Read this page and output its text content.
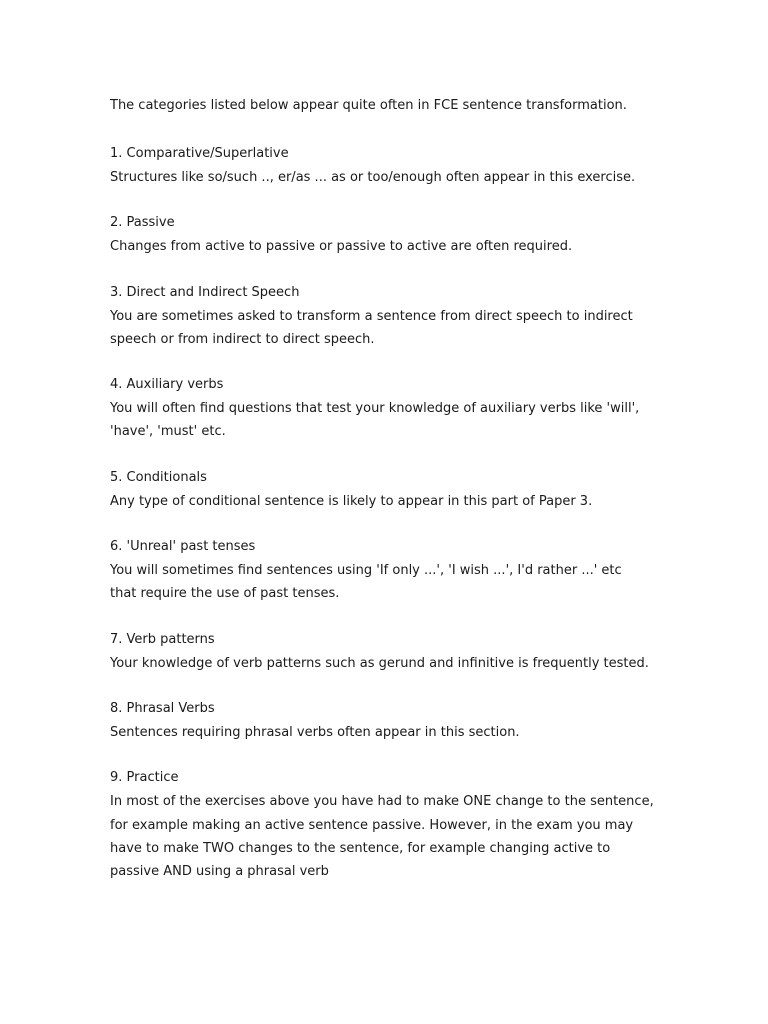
The categories listed below appear quite often in FCE sentence transformation.

1. Comparative/Superlative

Structures like so/such .., er/as ... as or too/enough often appear in this exercise.

2. Passive

Changes from active to passive or passive to active are often required.

3. Direct and Indirect Speech

You are sometimes asked to transform a sentence from direct speech to indirect

speech or from indirect to direct speech.

4. Auxiliary verbs

You will often find questions that test your knowledge of auxiliary verbs like 'will',

'have', 'must' etc.

5. Conditionals

Any type of conditional sentence is likely to appear in this part of Paper 3.

6. 'Unreal' past tenses

You will sometimes find sentences using 'If only ...', 'I wish ...', I'd rather ...' etc

that require the use of past tenses.

7. Verb patterns

Your knowledge of verb patterns such as gerund and infinitive is frequently tested.

8. Phrasal Verbs

Sentences requiring phrasal verbs often appear in this section.

9. Practice

In most of the exercises above you have had to make ONE change to the sentence,

for example making an active sentence passive. However, in the exam you may

have to make TWO changes to the sentence, for example changing active to

passive AND using a phrasal verb
